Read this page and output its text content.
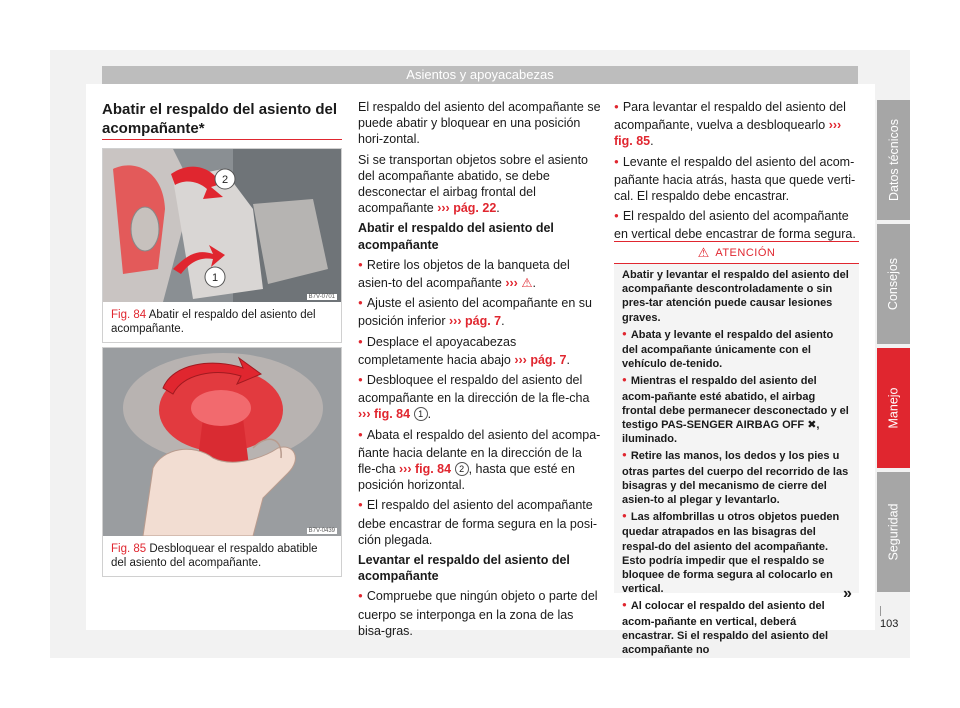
Asientos y apoyacabezas
Datos técnicos
Consejos
Manejo
Seguridad
Abatir el respaldo del asiento del acompañante*
2
1
B7V-0701
Fig. 84 Abatir el respaldo del asiento del acompañante.
B7V-0439
Fig. 85 Desbloquear el respaldo abatible del asiento del acompañante.

El respaldo del asiento del acompañante se puede abatir y bloquear en una posición hori-zontal.

Si se transportan objetos sobre el asiento del acompañante abatido, se debe desconectar el airbag frontal del acompañante ››› pág. 22.

Abatir el respaldo del asiento del acompañante

● Retire los objetos de la banqueta del asien-to del acompañante ››› ⚠.

● Ajuste el asiento del acompañante en su posición inferior ››› pág. 7.

● Desplace el apoyacabezas completamente hacia abajo ››› pág. 7.

● Desbloquee el respaldo del asiento del acompañante en la dirección de la fle-cha ››› fig. 84 1 .

● Abata el respaldo del asiento del acompa-ñante hacia delante en la dirección de la fle-cha ››› fig. 84 2 , hasta que esté en posición horizontal.

● El respaldo del asiento del acompañante debe encastrar de forma segura en la posi-ción plegada.

Levantar el respaldo del asiento del acompañante

● Compruebe que ningún objeto o parte del cuerpo se interponga en la zona de las bisa-gras.

● Para levantar el respaldo del asiento del acompañante, vuelva a desbloquearlo ››› fig. 85.

● Levante el respaldo del asiento del acom-pañante hacia atrás, hasta que quede verti-cal. El respaldo debe encastrar.

● El respaldo del asiento del acompañante en vertical debe encastrar de forma segura.

⚠ ATENCIÓN

Abatir y levantar el respaldo del asiento del acompañante descontroladamente o sin pres-tar atención puede causar lesiones graves.

● Abata y levante el respaldo del asiento del acompañante únicamente con el vehículo de-tenido.

● Mientras el respaldo del asiento del acom-pañante esté abatido, el airbag frontal debe permanecer desconectado y el testigo PAS-SENGER AIRBAG OFF ✖, iluminado.

● Retire las manos, los dedos y los pies u otras partes del cuerpo del recorrido de las bisagras y del mecanismo de cierre del asien-to al plegar y levantarlo.

● Las alfombrillas u otros objetos pueden quedar atrapados en las bisagras del respal-do del asiento del acompañante. Esto podría impedir que el respaldo se bloquee de forma segura al colocarlo en vertical.

● Al colocar el respaldo del asiento del acom-pañante en vertical, deberá encastrar. Si el respaldo del asiento del acompañante no

»
103
